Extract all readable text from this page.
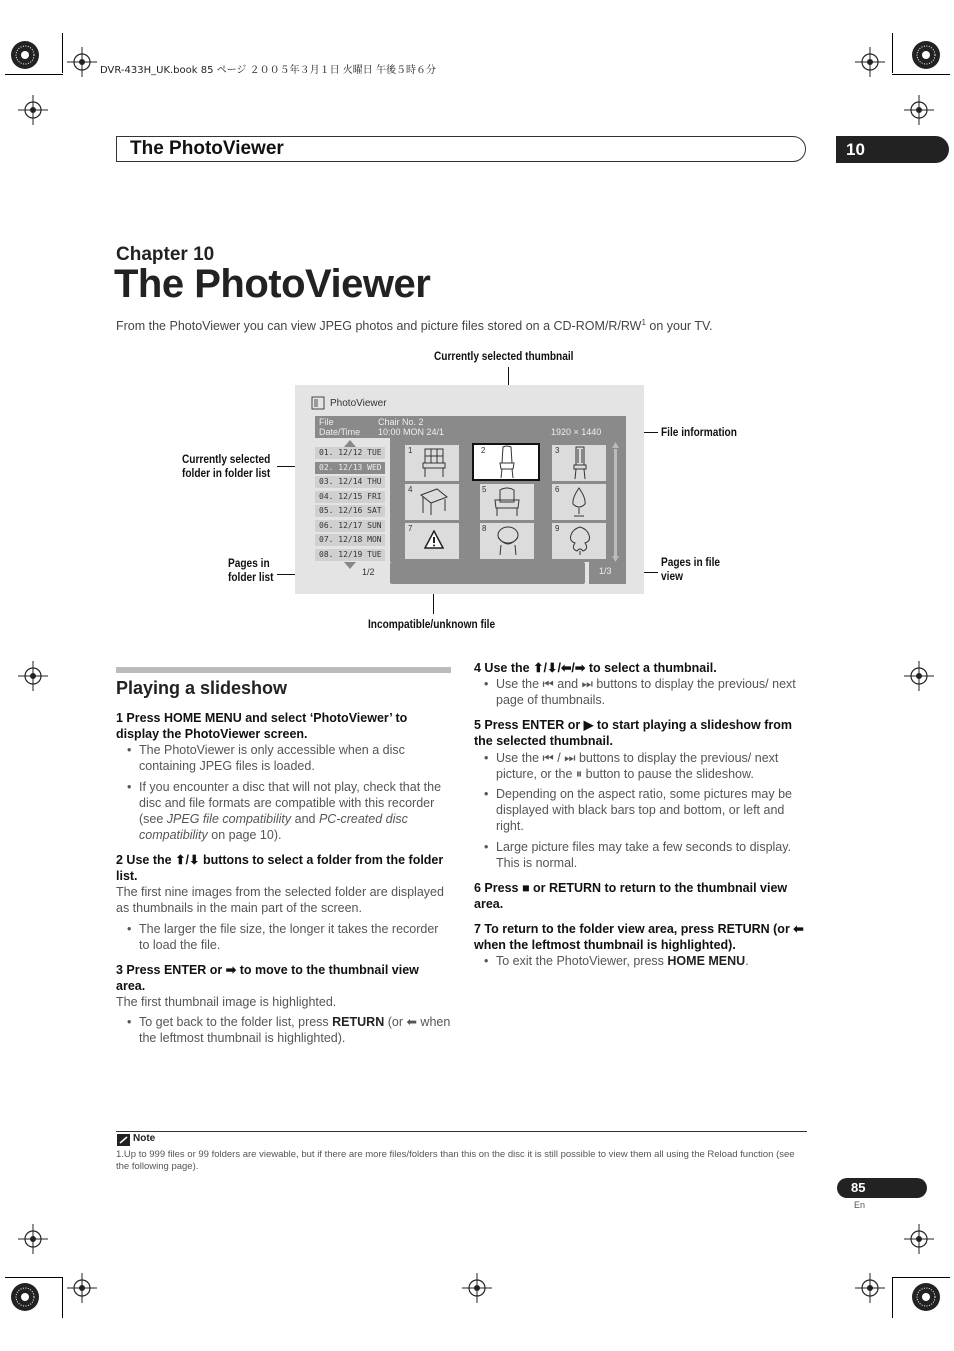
DVR-433H_UK.book 85 ページ ２００５年３月１日 火曜日 午後５時６分
The PhotoViewer	10
Chapter 10
The PhotoViewer
From the PhotoViewer you can view JPEG photos and picture files stored on a $CD-ROM/R/RW^1$ on your TV.
Currently selected thumbnail
File information
Currently selected
folder in folder list
Pages in
folder list
Pages in file
view
Incompatible/unknown file
PhotoViewer
File	Chair No. 2
Date/Time 10:00 MON 24/1	1920 × 1440
01. 12/12 TUE
02. 12/13 WED
03. 12/14 THU
04. 12/15 FRI
05. 12/16 SAT
06. 12/17 SUN
07. 12/18 MON
08. 12/19 TUE
1/2
1	2	3
4	5	6
7	8	9
1/3
Playing a slideshow
1 Press HOME MENU and select ‘PhotoViewer’ to display the PhotoViewer screen.
• The PhotoViewer is only accessible when a disc containing JPEG files is loaded.
• If you encounter a disc that will not play, check that the disc and file formats are compatible with this recorder (see JPEG file compatibility and PC-created disc compatibility on page 10).
2 Use the ⬆/⬇ buttons to select a folder from the folder list.
The first nine images from the selected folder are displayed as thumbnails in the main part of the screen.
• The larger the file size, the longer it takes the recorder to load the file.
3 Press ENTER or ➡ to move to the thumbnail view area.
The first thumbnail image is highlighted.
• To get back to the folder list, press RETURN (or ⬅ when the leftmost thumbnail is highlighted).
4 Use the ⬆/⬇/⬅/➡ to select a thumbnail.
• Use the ⏮ and ⏭ buttons to display the previous/ next page of thumbnails.
5 Press ENTER or ▶ to start playing a slideshow from the selected thumbnail.
• Use the ⏮ / ⏭ buttons to display the previous/ next picture, or the ⏸ button to pause the slideshow.
• Depending on the aspect ratio, some pictures may be displayed with black bars top and bottom, or left and right.
• Large picture files may take a few seconds to display. This is normal.
6 Press ■ or RETURN to return to the thumbnail view area.
7 To return to the folder view area, press RETURN (or ⬅ when the leftmost thumbnail is highlighted).
• To exit the PhotoViewer, press HOME MENU.
Note
1.Up to 999 files or 99 folders are viewable, but if there are more files/folders than this on the disc it is still possible to view them all using the Reload function (see the following page).
85
En
